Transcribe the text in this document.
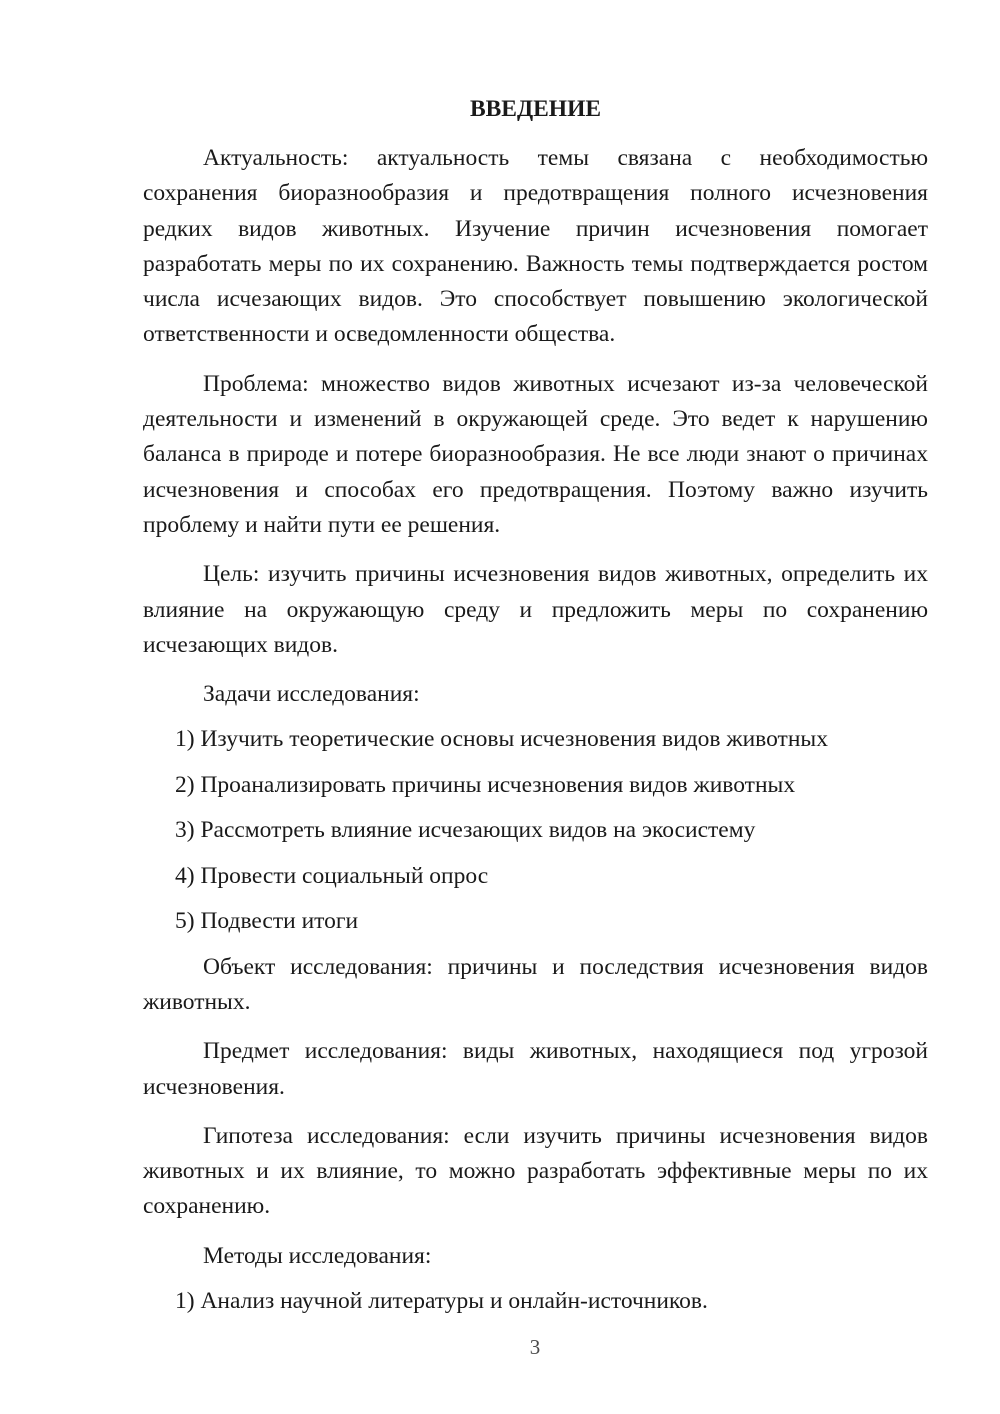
ВВЕДЕНИЕ

Актуальность: актуальность темы связана с необходимостью сохранения биоразнообразия и предотвращения полного исчезновения редких видов животных. Изучение причин исчезновения помогает разработать меры по их сохранению. Важность темы подтверждается ростом числа исчезающих видов. Это способствует повышению экологической ответственности и осведомленности общества.

Проблема: множество видов животных исчезают из-за человеческой деятельности и изменений в окружающей среде. Это ведет к нарушению баланса в природе и потере биоразнообразия. Не все люди знают о причинах исчезновения и способах его предотвращения. Поэтому важно изучить проблему и найти пути ее решения.

Цель: изучить причины исчезновения видов животных, определить их влияние на окружающую среду и предложить меры по сохранению исчезающих видов.

Задачи исследования:

1) Изучить теоретические основы исчезновения видов животных
2) Проанализировать причины исчезновения видов животных
3) Рассмотреть влияние исчезающих видов на экосистему
4) Провести социальный опрос
5) Подвести итоги

Объект исследования: причины и последствия исчезновения видов животных.

Предмет исследования: виды животных, находящиеся под угрозой исчезновения.

Гипотеза исследования: если изучить причины исчезновения видов животных и их влияние, то можно разработать эффективные меры по их сохранению.

Методы исследования:

1) Анализ научной литературы и онлайн-источников.
3
